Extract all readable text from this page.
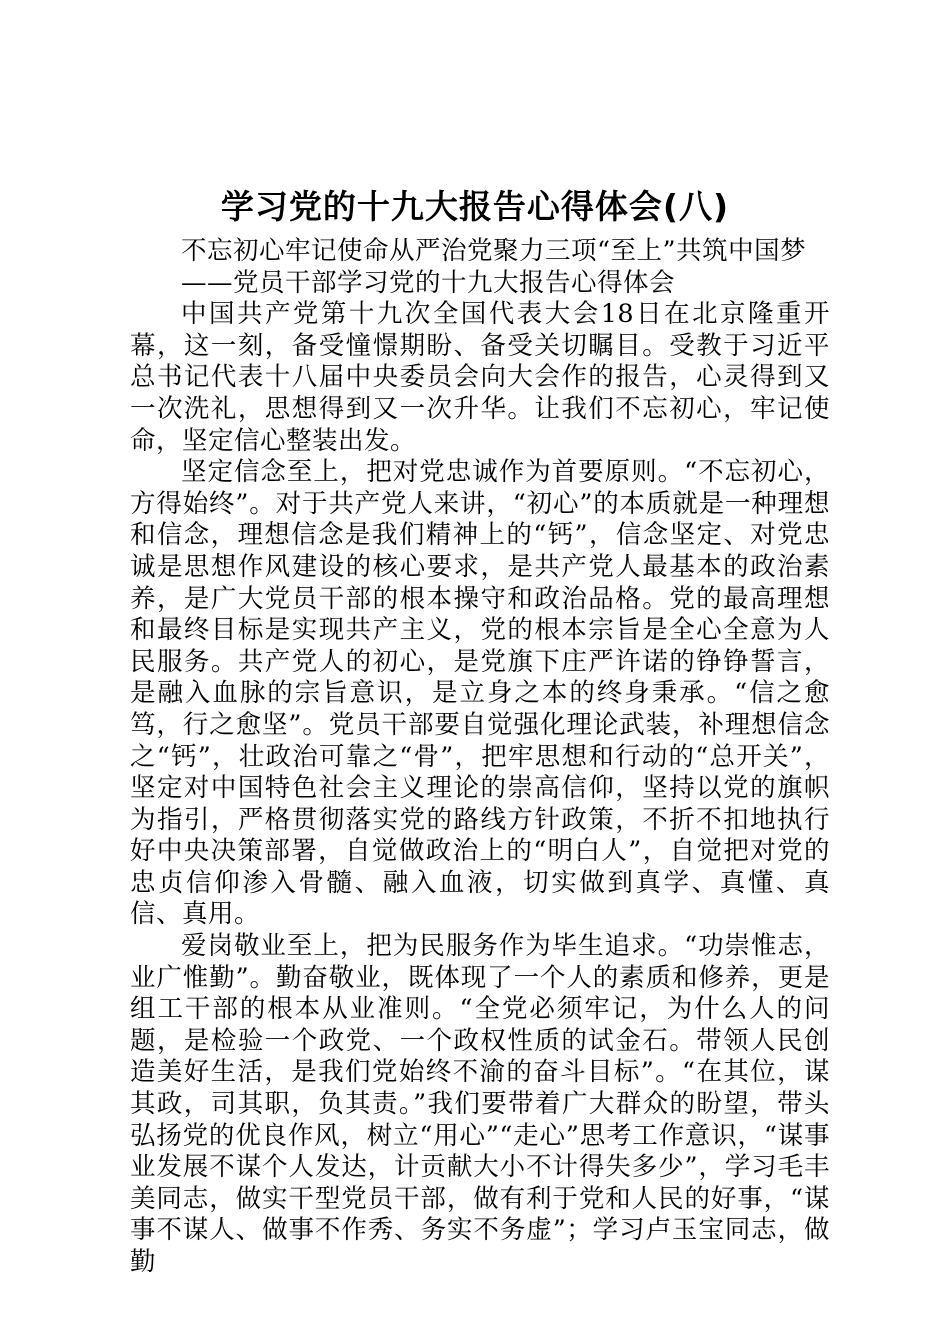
学习党的十九大报告心得体会(八)

不忘初心牢记使命从严治党聚力三项“至上”共筑中国梦

——党员干部学习党的十九大报告心得体会

中国共产党第十九次全国代表大会18日在北京隆重开幕，这一刻，备受憧憬期盼、备受关切瞩目。受教于习近平总书记代表十八届中央委员会向大会作的报告，心灵得到又一次洗礼，思想得到又一次升华。让我们不忘初心，牢记使命，坚定信心整装出发。

坚定信念至上，把对党忠诚作为首要原则。“不忘初心，方得始终”。对于共产党人来讲，“初心”的本质就是一种理想和信念，理想信念是我们精神上的“钙”，信念坚定、对党忠诚是思想作风建设的核心要求，是共产党人最基本的政治素养，是广大党员干部的根本操守和政治品格。党的最高理想和最终目标是实现共产主义，党的根本宗旨是全心全意为人民服务。共产党人的初心，是党旗下庄严许诺的铮铮誓言，是融入血脉的宗旨意识，是立身之本的终身秉承。“信之愈笃，行之愈坚”。党员干部要自觉强化理论武装，补理想信念之“钙”，壮政治可靠之“骨”，把牢思想和行动的“总开关”，坚定对中国特色社会主义理论的崇高信仰，坚持以党的旗帜为指引，严格贯彻落实党的路线方针政策，不折不扣地执行好中央决策部署，自觉做政治上的“明白人”，自觉把对党的忠贞信仰渗入骨髓、融入血液，切实做到真学、真懂、真信、真用。

爱岗敬业至上，把为民服务作为毕生追求。“功崇惟志，业广惟勤”。勤奋敬业，既体现了一个人的素质和修养，更是组工干部的根本从业准则。“全党必须牢记，为什么人的问题，是检验一个政党、一个政权性质的试金石。带领人民创造美好生活，是我们党始终不渝的奋斗目标”。“在其位，谋其政，司其职，负其责。”我们要带着广大群众的盼望，带头弘扬党的优良作风，树立“用心”“走心”思考工作意识，“谋事业发展不谋个人发达，计贡献大小不计得失多少”，学习毛丰美同志，做实干型党员干部，做有利于党和人民的好事，“谋事不谋人、做事不作秀、务实不务虚”；学习卢玉宝同志，做勤
